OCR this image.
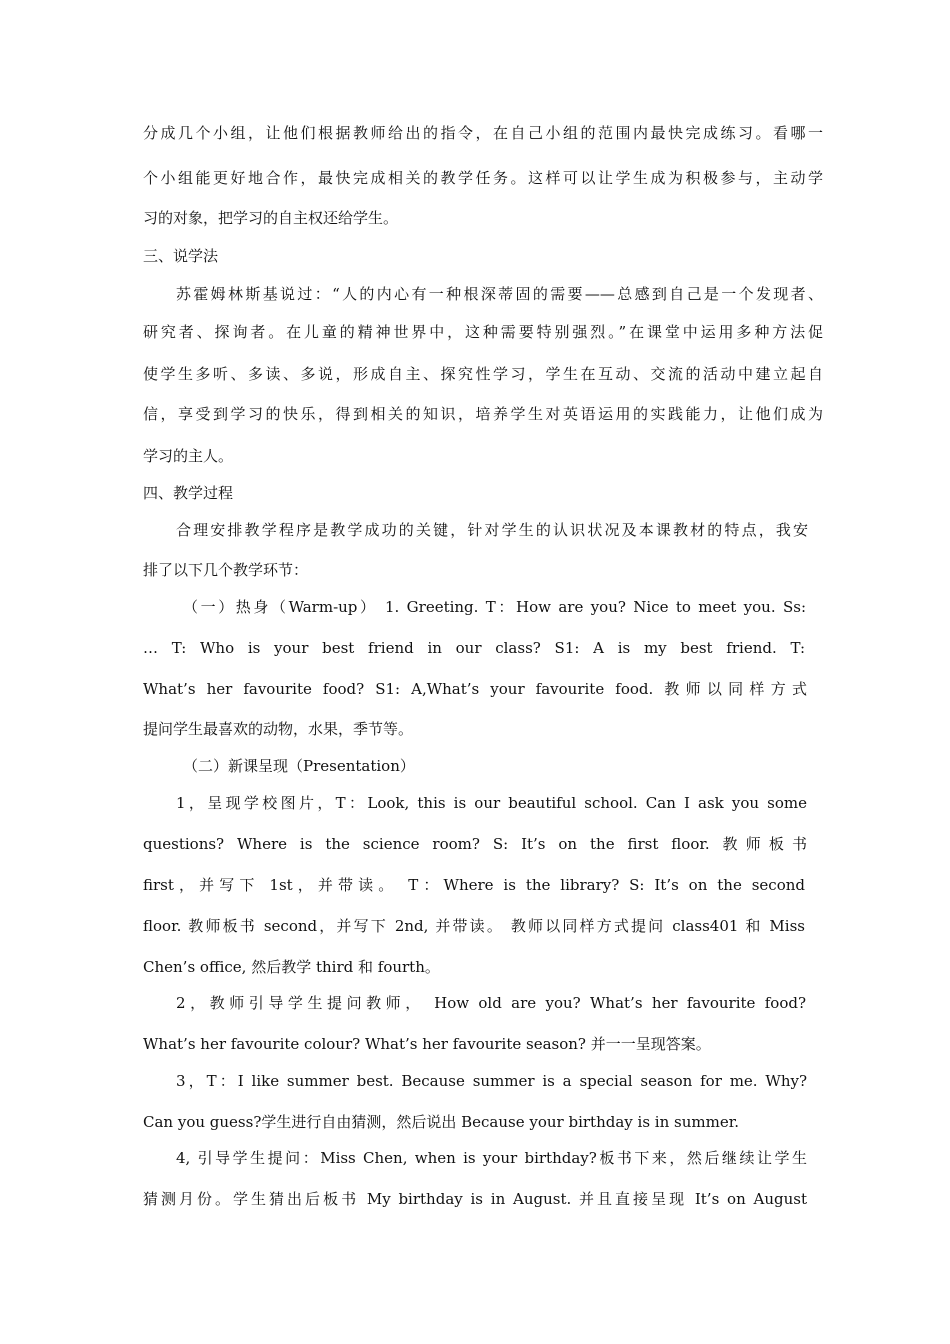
分成几个小组，让他们根据教师给出的指令，在自己小组的范围内最快完成练习。看哪一
个小组能更好地合作，最快完成相关的教学任务。这样可以让学生成为积极参与，主动学
习的对象，把学习的自主权还给学生。
三、说学法
苏霍姆林斯基说过：“人的内心有一种根深蒂固的需要——总感到自己是一个发现者、
研究者、探询者。在儿童的精神世界中，这种需要特别强烈。”在课堂中运用多种方法促
使学生多听、多读、多说，形成自主、探究性学习，学生在互动、交流的活动中建立起自
信，享受到学习的快乐，得到相关的知识，培养学生对英语运用的实践能力，让他们成为
学习的主人。
四、教学过程
合理安排教学程序是教学成功的关键，针对学生的认识状况及本课教材的特点，我安
排了以下几个教学环节：
（一）热身（Warm-up） 1. Greeting. T：How are you? Nice to meet you. Ss:
… T: Who is your best friend in our class? S1: A is my best friend. T:
What’s her favourite food? S1: A,What’s your favourite food. 教师以同样方式
提问学生最喜欢的动物，水果，季节等。
（二）新课呈现（Presentation）
1，呈现学校图片，T：Look, this is our beautiful school. Can I ask you some
questions? Where is the science room? S: It’s on the first floor. 教师板书
first，并写下 1st，并带读。 T：Where is the library? S: It’s on the second
floor. 教师板书 second，并写下 2nd, 并带读。 教师以同样方式提问 class401 和 Miss
Chen’s office, 然后教学 third 和 fourth。
2，教师引导学生提问教师， How old are you? What’s her favourite food?
What’s her favourite colour? What’s her favourite season? 并一一呈现答案。
3，T：I like summer best. Because summer is a special season for me. Why?
Can you guess?学生进行自由猜测，然后说出 Because your birthday is in summer.
4, 引导学生提问：Miss Chen, when is your birthday?板书下来，然后继续让学生
猜测月份。学生猜出后板书 My birthday is in August. 并且直接呈现 It’s on August
